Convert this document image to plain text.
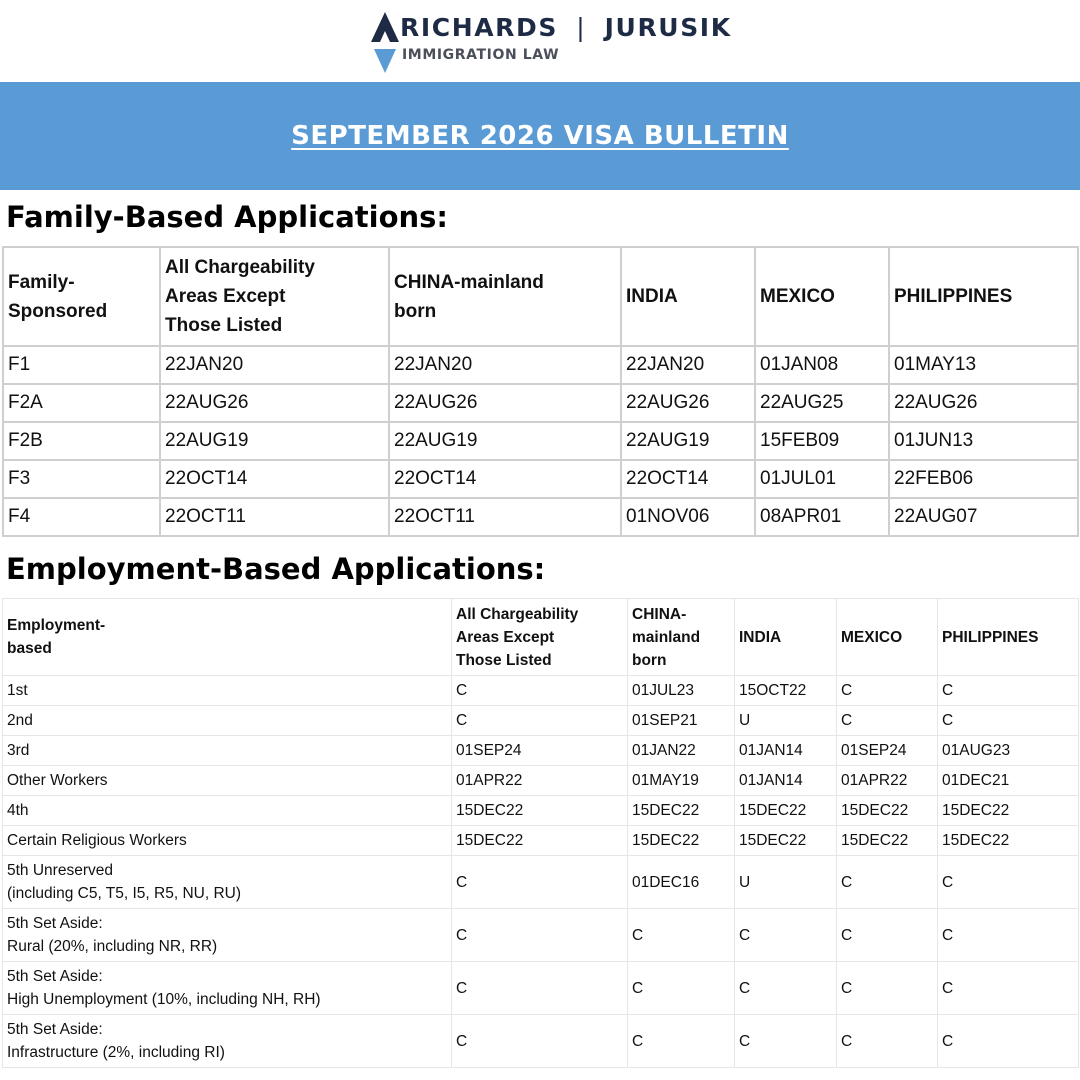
RICHARDS | JURUSIK
IMMIGRATION LAW
SEPTEMBER 2026 VISA BULLETIN
Family-Based Applications:
Family-
Sponsored	All Chargeability
Areas Except
Those Listed	CHINA-mainland
born	INDIA	MEXICO	PHILIPPINES
F1	22JAN20	22JAN20	22JAN20	01JAN08	01MAY13
F2A	22AUG26	22AUG26	22AUG26	22AUG25	22AUG26
F2B	22AUG19	22AUG19	22AUG19	15FEB09	01JUN13
F3	22OCT14	22OCT14	22OCT14	01JUL01	22FEB06
F4	22OCT11	22OCT11	01NOV06	08APR01	22AUG07
Employment-Based Applications:
Employment-
based	All Chargeability
Areas Except
Those Listed	CHINA-
mainland
born	INDIA	MEXICO	PHILIPPINES
1st	C	01JUL23	15OCT22	C	C
2nd	C	01SEP21	U	C	C
3rd	01SEP24	01JAN22	01JAN14	01SEP24	01AUG23
Other Workers	01APR22	01MAY19	01JAN14	01APR22	01DEC21
4th	15DEC22	15DEC22	15DEC22	15DEC22	15DEC22
Certain Religious Workers	15DEC22	15DEC22	15DEC22	15DEC22	15DEC22
5th Unreserved
(including C5, T5, I5, R5, NU, RU)	C	01DEC16	U	C	C
5th Set Aside:
Rural (20%, including NR, RR)	C	C	C	C	C
5th Set Aside:
High Unemployment (10%, including NH, RH)	C	C	C	C	C
5th Set Aside:
Infrastructure (2%, including RI)	C	C	C	C	C
